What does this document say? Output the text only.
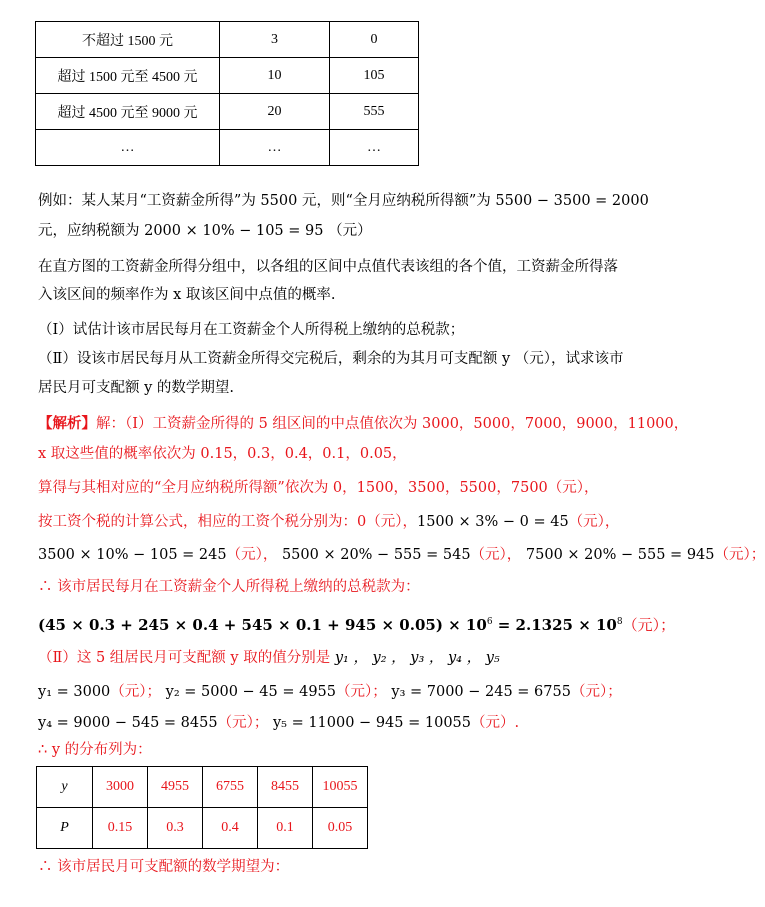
不超过 1500 元	3	0
超过 1500 元至 4500 元	10	105
超过 4500 元至 9000 元	20	555
…	…	…
例如：某人某月“工资薪金所得”为 5500 元，则“全月应纳税所得额”为 5500 − 3500 = 2000
元，应纳税额为 2000 × 10% − 105 = 95 （元）
在直方图的工资薪金所得分组中，以各组的区间中点值代表该组的各个值，工资薪金所得落
入该区间的频率作为 x 取该区间中点值的概率.
（Ⅰ）试估计该市居民每月在工资薪金个人所得税上缴纳的总税款；
（Ⅱ）设该市居民每月从工资薪金所得交完税后，剩余的为其月可支配额 y （元），试求该市
居民月可支配额 y 的数学期望.
【解析】解：（Ⅰ）工资薪金所得的 5 组区间的中点值依次为 3000，5000，7000，9000，11000，
x 取这些值的概率依次为 0.15，0.3，0.4，0.1，0.05，
算得与其相对应的“全月应纳税所得额”依次为 0，1500，3500，5500，7500（元），
按工资个税的计算公式，相应的工资个税分别为：0（元），1500 × 3% − 0 = 45（元），
3500 × 10% − 105 = 245（元）， 5500 × 20% − 555 = 545（元）， 7500 × 20% − 555 = 945（元）；
∴ 该市居民每月在工资薪金个人所得税上缴纳的总税款为：
$(45 \times 0.3 + 245 \times 0.4 + 545 \times 0.1 + 945 \times 0.05) \times 10^6 = 2.1325 \times 10^8$（元）；
（Ⅱ）这 5 组居民月可支配额 y 取的值分别是 y₁ ， y₂ ， y₃ ， y₄ ， y₅
y₁ = 3000（元）； y₂ = 5000 − 45 = 4955（元）； y₃ = 7000 − 245 = 6755（元）；
y₄ = 9000 − 545 = 8455（元）； y₅ = 11000 − 945 = 10055（元）.
∴ y 的分布列为：
y	3000	4955	6755	8455	10055
P	0.15	0.3	0.4	0.1	0.05
∴ 该市居民月可支配额的数学期望为：
